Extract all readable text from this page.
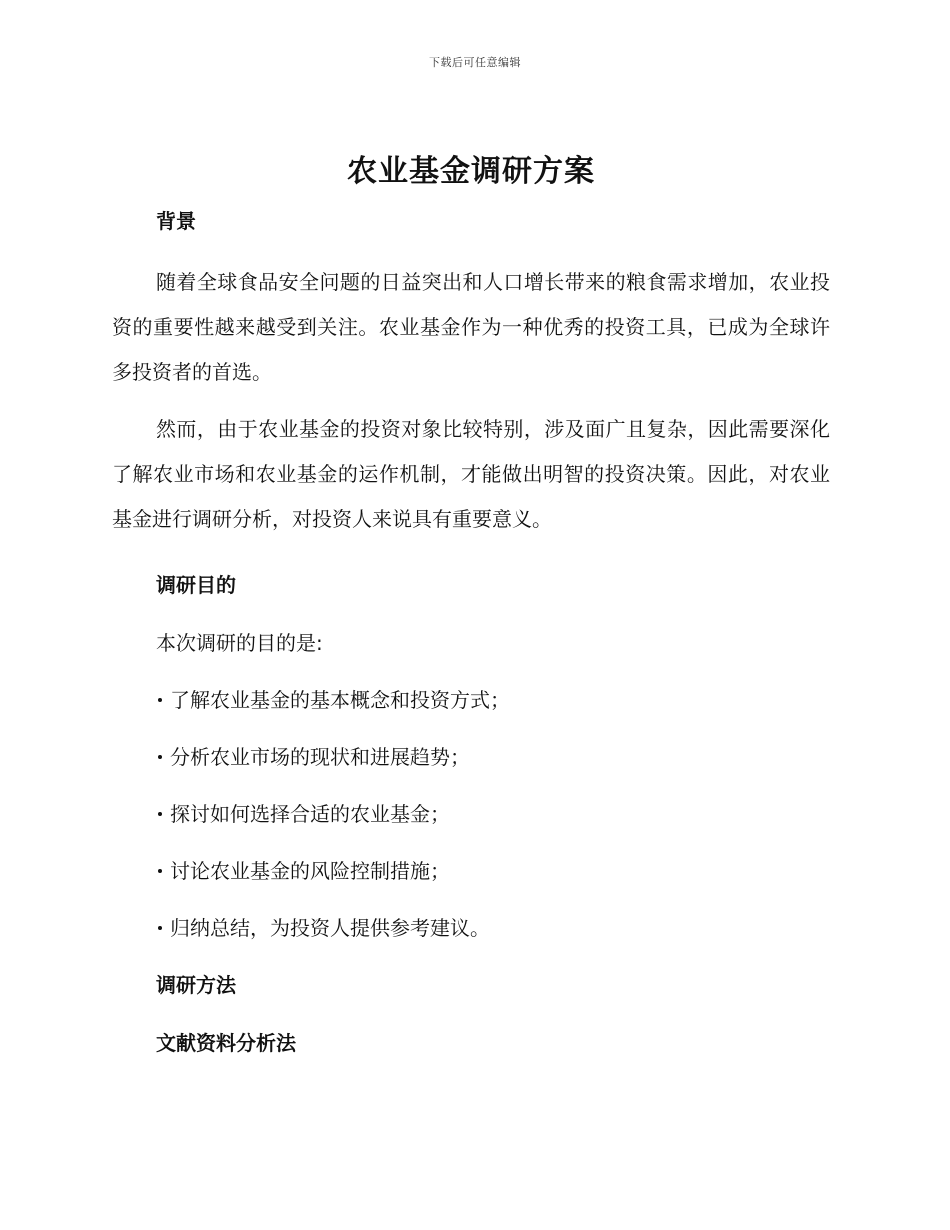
下载后可任意编辑
农业基金调研方案
背景

随着全球食品安全问题的日益突出和人口增长带来的粮食需求增加，农业投资的重要性越来越受到关注。农业基金作为一种优秀的投资工具，已成为全球许多投资者的首选。

然而，由于农业基金的投资对象比较特别，涉及面广且复杂，因此需要深化了解农业市场和农业基金的运作机制，才能做出明智的投资决策。因此，对农业基金进行调研分析，对投资人来说具有重要意义。

调研目的
本次调研的目的是:
了解农业基金的基本概念和投资方式；
分析农业市场的现状和进展趋势；
探讨如何选择合适的农业基金；
讨论农业基金的风险控制措施；
归纳总结，为投资人提供参考建议。
调研方法
文献资料分析法
